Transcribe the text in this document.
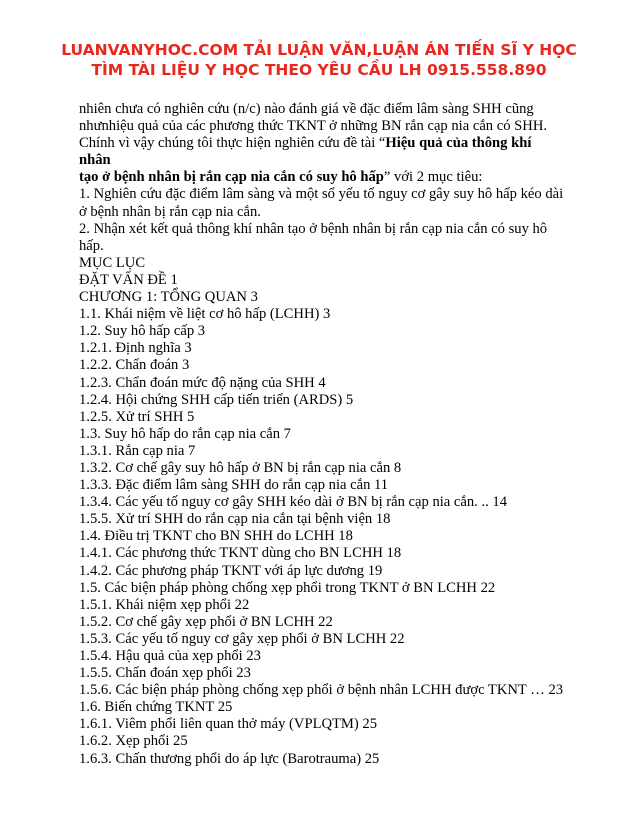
LUANVANYHOC.COM TẢI LUẬN VĂN,LUẬN ÁN TIẾN SĨ Y HỌC
TÌM TÀI LIỆU Y HỌC THEO YÊU CẦU LH 0915.558.890

nhiên chưa có nghiên cứu (n/c) nào đánh giá về đặc điểm lâm sàng SHH cũng

nhưnhiệu quả của các phương thức TKNT ở những BN rắn cạp nia cắn có SHH.

Chính vì vậy chúng tôi thực hiện nghiên cứu đề tài “Hiệu quả của thông khí nhân

tạo ở bệnh nhân bị rắn cạp nia cắn có suy hô hấp” với 2 mục tiêu:

1. Nghiên cứu đặc điểm lâm sàng và một số yếu tố nguy cơ gây suy hô hấp kéo dài

ở bệnh nhân bị rắn cạp nia cắn.

2. Nhận xét kết quả thông khí nhân tạo ở bệnh nhân bị rắn cạp nia cắn có suy hô

hấp.

MỤC LỤC
ĐẶT VẤN ĐỀ 1
CHƯƠNG 1: TỔNG QUAN 3
1.1. Khái niệm về liệt cơ hô hấp (LCHH) 3
1.2. Suy hô hấp cấp 3
1.2.1. Định nghĩa 3
1.2.2. Chẩn đoán 3
1.2.3. Chẩn đoán mức độ nặng của SHH 4
1.2.4. Hội chứng SHH cấp tiến triển (ARDS) 5
1.2.5. Xử trí SHH 5
1.3. Suy hô hấp do rắn cạp nia cắn 7
1.3.1. Rắn cạp nia 7
1.3.2. Cơ chế gây suy hô hấp ở BN bị rắn cạp nia cắn 8
1.3.3. Đặc điểm lâm sàng SHH do rắn cạp nia cắn 11
1.3.4. Các yếu tố nguy cơ gây SHH kéo dài ở BN bị rắn cạp nia cắn. .. 14
1.5.5. Xử trí SHH do rắn cạp nia cắn tại bệnh viện 18
1.4. Điều trị TKNT cho BN SHH do LCHH 18
1.4.1. Các phương thức TKNT dùng cho BN LCHH 18
1.4.2. Các phương pháp TKNT với áp lực dương 19
1.5. Các biện pháp phòng chống xẹp phổi trong TKNT ở BN LCHH 22
1.5.1. Khái niệm xẹp phổi 22
1.5.2. Cơ chế gây xẹp phổi ở BN LCHH 22
1.5.3. Các yếu tố nguy cơ gây xẹp phổi ở BN LCHH 22
1.5.4. Hậu quả của xẹp phổi 23
1.5.5. Chẩn đoán xẹp phổi 23
1.5.6. Các biện pháp phòng chống xẹp phổi ở bệnh nhân LCHH được TKNT … 23
1.6. Biến chứng TKNT 25
1.6.1. Viêm phổi liên quan thở máy (VPLQTM) 25
1.6.2. Xẹp phổi 25
1.6.3. Chấn thương phổi do áp lực (Barotrauma) 25
